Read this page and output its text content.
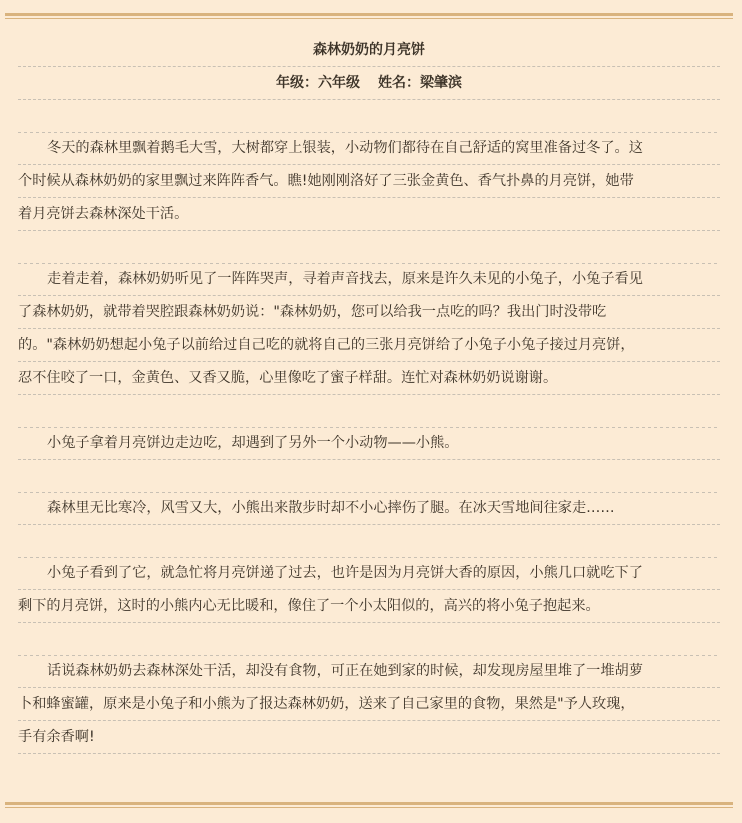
森林奶奶的月亮饼
年级：六年级 姓名：梁肇滨
冬天的森林里飘着鹅毛大雪，大树都穿上银装，小动物们都待在自己舒适的窝里准备过冬了。这
个时候从森林奶奶的家里飘过来阵阵香气。瞧!她刚刚洛好了三张金黄色、香气扑鼻的月亮饼，她带
着月亮饼去森林深处干活。
走着走着，森林奶奶听见了一阵阵哭声，寻着声音找去，原来是许久未见的小兔子，小兔子看见
了森林奶奶，就带着哭腔跟森林奶奶说："森林奶奶，您可以给我一点吃的吗？我出门时没带吃
的。"森林奶奶想起小兔子以前给过自己吃的就将自己的三张月亮饼给了小兔子小兔子接过月亮饼，
忍不住咬了一口，金黄色、又香又脆，心里像吃了蜜子样甜。连忙对森林奶奶说谢谢。
小兔子拿着月亮饼边走边吃，却遇到了另外一个小动物——小熊。
森林里无比寒冷，风雪又大，小熊出来散步时却不小心摔伤了腿。在冰天雪地间往家走……
小兔子看到了它，就急忙将月亮饼递了过去，也许是因为月亮饼大香的原因，小熊几口就吃下了
剩下的月亮饼，这时的小熊内心无比暖和，像住了一个小太阳似的，高兴的将小兔子抱起来。
话说森林奶奶去森林深处干活，却没有食物，可正在她到家的时候，却发现房屋里堆了一堆胡萝
卜和蜂蜜罐，原来是小兔子和小熊为了报达森林奶奶，送来了自己家里的食物，果然是"予人玫瑰，
手有余香啊!
